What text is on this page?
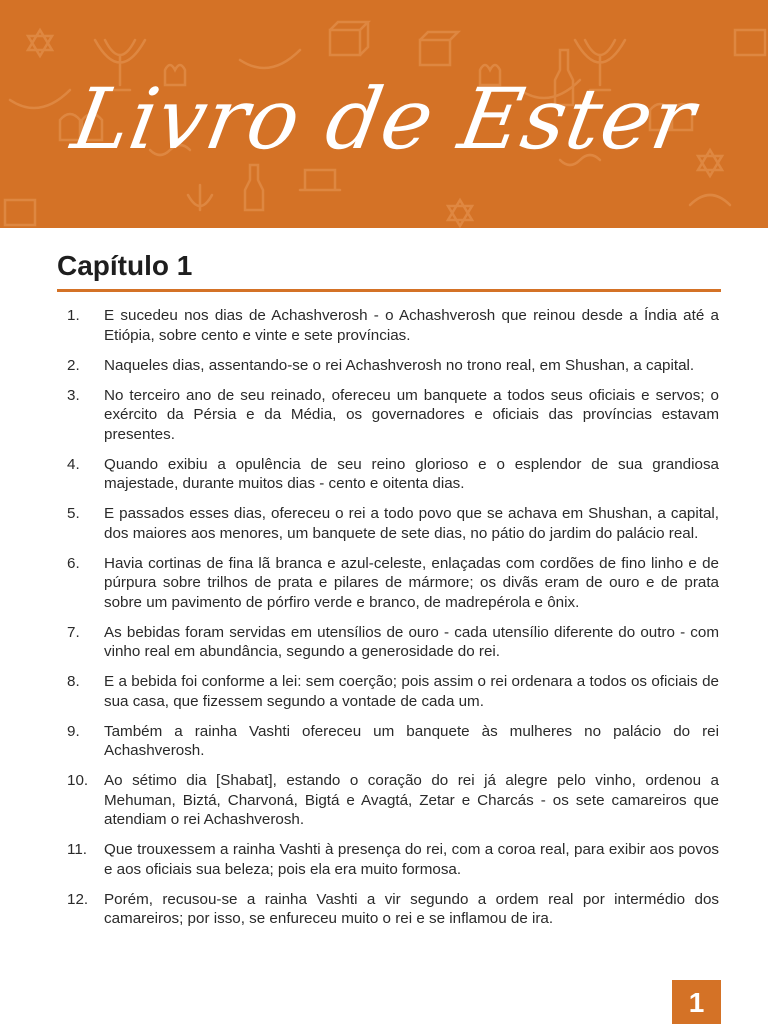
Livro de Ester
Capítulo 1
1.	E sucedeu nos dias de Achashverosh - o Achashverosh que reinou desde a Índia até a Etiópia, sobre cento e vinte e sete províncias.
2.	Naqueles dias, assentando-se o rei Achashverosh no trono real, em Shushan, a capital.
3.	No terceiro ano de seu reinado, ofereceu um banquete a todos seus oficiais e servos; o exército da Pérsia e da Média, os governadores e oficiais das províncias estavam presentes.
4.	Quando exibiu a opulência de seu reino glorioso e o esplendor de sua grandiosa majestade, durante muitos dias - cento e oitenta dias.
5.	E passados esses dias, ofereceu o rei a todo povo que se achava em Shushan, a capital, dos maiores aos menores, um banquete de sete dias, no pátio do jardim do palácio real.
6.	Havia cortinas de fina lã branca e azul-celeste, enlaçadas com cordões de fino linho e de púrpura sobre trilhos de prata e pilares de mármore; os divãs eram de ouro e de prata sobre um pavimento de pórfiro verde e branco, de madrepérola e ônix.
7.	As bebidas foram servidas em utensílios de ouro - cada utensílio diferente do outro - com vinho real em abundância, segundo a generosidade do rei.
8.	E a bebida foi conforme a lei: sem coerção; pois assim o rei ordenara a todos os oficiais de sua casa, que fizessem segundo a vontade de cada um.
9.	Também a rainha Vashti ofereceu um banquete às mulheres no palácio do rei Achashverosh.
10.	Ao sétimo dia [Shabat], estando o coração do rei já alegre pelo vinho, ordenou a Mehuman, Biztá, Charvoná, Bigtá e Avagtá, Zetar e Charcás - os sete camareiros que atendiam o rei Achashverosh.
11.	Que trouxessem a rainha Vashti à presença do rei, com a coroa real, para exibir aos povos e aos oficiais sua beleza; pois ela era muito formosa.
12.	Porém, recusou-se a rainha Vashti a vir segundo a ordem real por intermédio dos camareiros; por isso, se enfureceu muito o rei e se inflamou de ira.
1
